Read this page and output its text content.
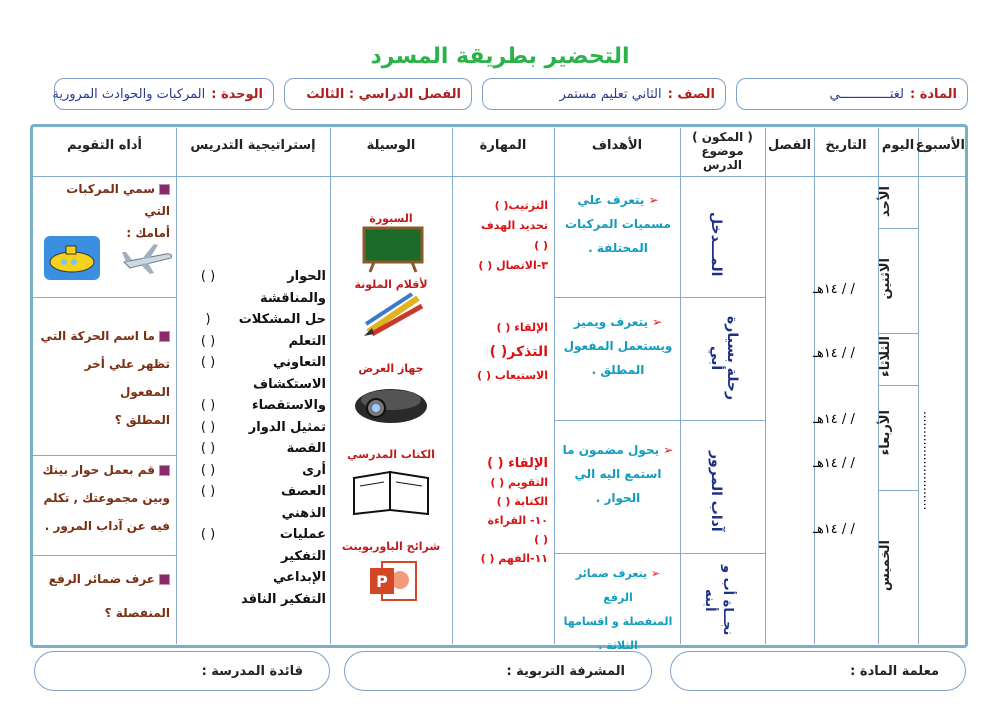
التحضير بطريقة المسرد
المادة :
لغتـــــــــــــي
الصف :
الثاني تعليم مستمر
الفصل الدراسي : الثالث
الوحدة :
المركبات والحوادث المرورية
الأسبوع
اليوم
التاريخ
الفصل
( المكون )
موضوع الدرس
الأهداف
المهارة
الوسيلة
إستراتيجية التدريس
أداه التقويم
..........................
الأحد
الاثنين
الثلاثاء
الأربعاء
الخميس
/ / ١٤هـ
/ / ١٤هـ
/ / ١٤هـ
/ / ١٤هـ
/ / ١٤هـ
المـــدخل
رحلة بسيارة أبي
آداب المرور
نجــاة أب و أبنه
➢ يتعرف علي
مسميات المركبات
المختلفة .
➢ يتعرف ويميز
ويستعمل المفعول
المطلق .
➢ يحول مضمون ما
استمع اليه الي
الحوار .
➢ يتعرف ضمائر الرفع
المنفصلة و اقسامها
الثلاثة .
الترتيب( )
تحديد الهدف
( )
٣-الاتصال ( )
الإلقاء ( )
التذكر( )
الاستيعاب ( )
الإلقاء ( )
التقويم ( )
الكتابة ( )
١٠- القراءة
( )
١١-الفهم ( )
السبورة
لأقلام الملونة
جهاز العرض
الكتاب المدرسي
شرائح الباوربوينت
P
الحوار
والمناقشة
حل المشكلات
التعلم التعاوني
الاستكشاف
والاستقصاء
تمثيل الدوار
القصة
أرى
العصف الذهني
عمليات التفكير
الإبداعي
التفكير الناقد
( )

(
( )
( )

( )
( )
( )
( )
( )

( )
سمي المركبات التي
أمامك :
ما اسم الحركة التي
تظهر علي أخر المفعول
المطلق ؟
قم بعمل حوار بينك
وبين مجموعتك , تكلم
فيه عن آداب المرور .
عرف ضمائر الرفع
المنفصلة ؟
معلمة المادة :
المشرفة التربوية :
قائدة المدرسة :
